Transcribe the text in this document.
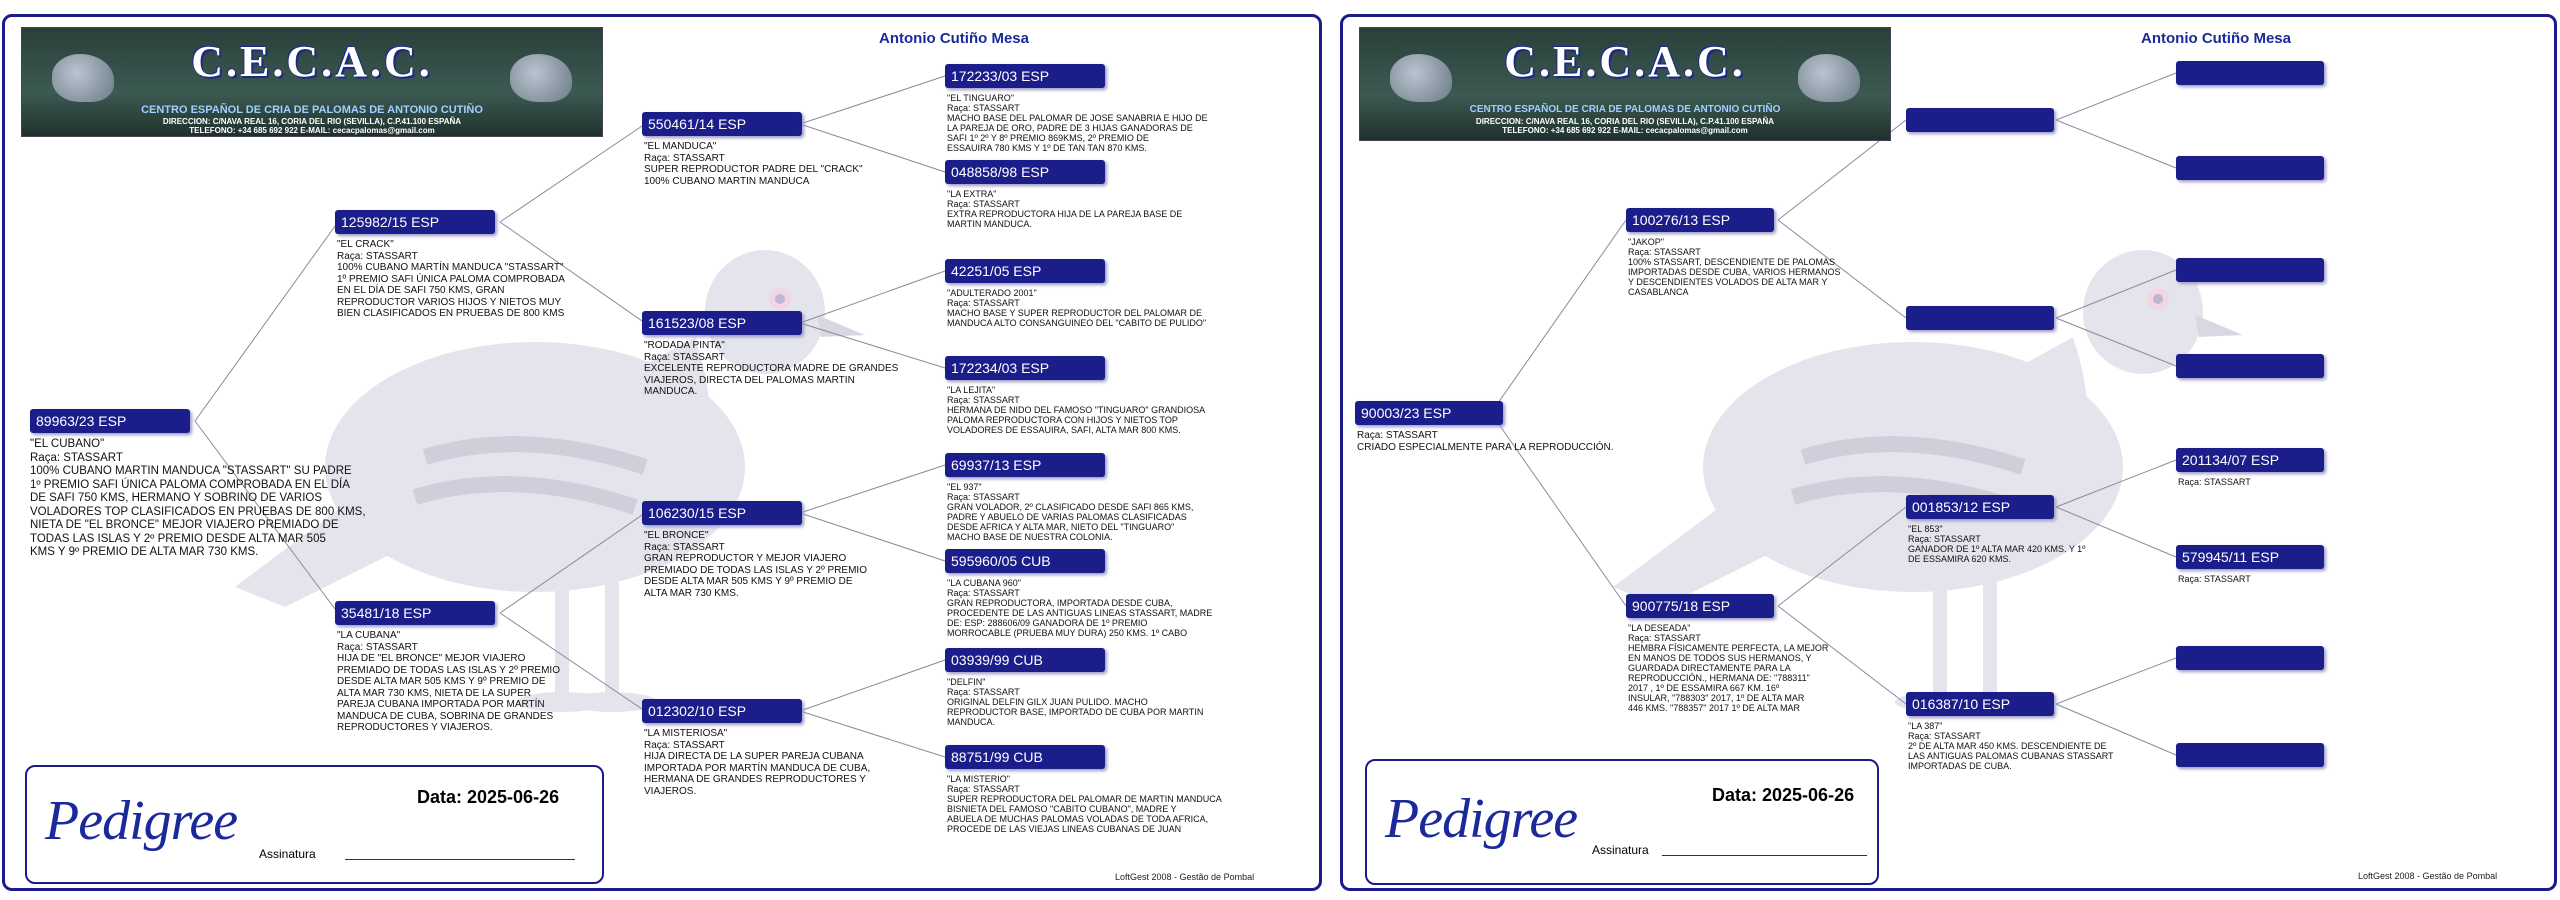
C.E.C.A.C.
CENTRO ESPAÑOL DE CRIA DE PALOMAS DE ANTONIO CUTIÑO
DIRECCION: C/NAVA REAL 16, CORIA DEL RIO (SEVILLA), C.P.41.100 ESPAÑA
TELEFONO: +34 685 692 922 E-MAIL: cecacpalomas@gmail.com
Antonio Cutiño Mesa
89963/23 ESP
"EL CUBANO"
Raça: STASSART
100% CUBANO MARTIN MANDUCA "STASSART" SU PADRE
1º PREMIO SAFI ÚNICA PALOMA COMPROBADA EN EL DÍA
DE SAFI 750 KMS, HERMANO Y SOBRINO DE VARIOS
VOLADORES TOP CLASIFICADOS EN PRUEBAS DE 800 KMS,
NIETA DE "EL BRONCE" MEJOR VIAJERO PREMIADO DE
TODAS LAS ISLAS Y 2º PREMIO DESDE ALTA MAR 505
KMS Y 9º PREMIO DE ALTA MAR 730 KMS.
125982/15 ESP
"EL CRACK"
Raça: STASSART
100% CUBANO MARTÍN MANDUCA "STASSART"
1º PREMIO SAFI ÚNICA PALOMA COMPROBADA
EN EL DÍA DE SAFI 750 KMS, GRAN
REPRODUCTOR VARIOS HIJOS Y NIETOS MUY
BIEN CLASIFICADOS EN PRUEBAS DE 800 KMS
35481/18 ESP
"LA CUBANA"
Raça: STASSART
HIJA DE "EL BRONCE" MEJOR VIAJERO
PREMIADO DE TODAS LAS ISLAS Y 2º PREMIO
DESDE ALTA MAR 505 KMS Y 9º PREMIO DE
ALTA MAR 730 KMS, NIETA DE LA SUPER
PAREJA CUBANA IMPORTADA POR MARTÍN
MANDUCA DE CUBA, SOBRINA DE GRANDES
REPRODUCTORES Y VIAJEROS.
550461/14 ESP
"EL MANDUCA"
Raça: STASSART
SUPER REPRODUCTOR PADRE DEL "CRACK"
100% CUBANO MARTIN MANDUCA
161523/08 ESP
"RODADA PINTA"
Raça: STASSART
EXCELENTE REPRODUCTORA MADRE DE GRANDES
VIAJEROS, DIRECTA DEL PALOMAS MARTIN
MANDUCA.
106230/15 ESP
"EL BRONCE"
Raça: STASSART
GRAN REPRODUCTOR Y MEJOR VIAJERO
PREMIADO DE TODAS LAS ISLAS Y 2º PREMIO
DESDE ALTA MAR 505 KMS Y 9º PREMIO DE
ALTA MAR 730 KMS.
012302/10 ESP
"LA MISTERIOSA"
Raça: STASSART
HIJA DIRECTA DE LA SUPER PAREJA CUBANA
IMPORTADA POR MARTÍN MANDUCA DE CUBA,
HERMANA DE GRANDES REPRODUCTORES Y
VIAJEROS.
172233/03 ESP
"EL TINGUARO"
Raça: STASSART
MACHO BASE DEL PALOMAR DE JOSE SANABRIA E HIJO DE
LA PAREJA DE ORO, PADRE DE 3 HIJAS GANADORAS DE
SAFI 1º 2º Y 8º PREMIO 869KMS, 2º PREMIO DE
ESSAUIRA 780 KMS Y 1º DE TAN TAN 870 KMS.
048858/98 ESP
"LA EXTRA"
Raça: STASSART
EXTRA REPRODUCTORA HIJA DE LA PAREJA BASE DE
MARTIN MANDUCA.
42251/05 ESP
"ADULTERADO 2001"
Raça: STASSART
MACHO BASE Y SUPER REPRODUCTOR DEL PALOMAR DE
MANDUCA ALTO CONSANGUINEO DEL "CABITO DE PULIDO"
172234/03 ESP
"LA LEJITA"
Raça: STASSART
HERMANA DE NIDO DEL FAMOSO "TINGUARO" GRANDIOSA
PALOMA REPRODUCTORA CON HIJOS Y NIETOS TOP
VOLADORES DE ESSAUIRA, SAFI, ALTA MAR 800 KMS.
69937/13 ESP
"EL 937"
Raça: STASSART
GRAN VOLADOR, 2º CLASIFICADO DESDE SAFI 865 KMS,
PADRE Y ABUELO DE VARIAS PALOMAS CLASIFICADAS
DESDE AFRICA Y ALTA MAR, NIETO DEL "TINGUARO"
MACHO BASE DE NUESTRA COLONIA.
595960/05 CUB
"LA CUBANA 960"
Raça: STASSART
GRAN REPRODUCTORA, IMPORTADA DESDE CUBA,
PROCEDENTE DE LAS ANTIGUAS LINEAS STASSART, MADRE
DE: ESP: 288606/09 GANADORA DE 1º PREMIO
MORROCABLE (PRUEBA MUY DURA) 250 KMS. 1º CABO
03939/99 CUB
"DELFIN"
Raça: STASSART
ORIGINAL DELFIN GILX JUAN PULIDO. MACHO
REPRODUCTOR BASE, IMPORTADO DE CUBA POR MARTIN
MANDUCA.
88751/99 CUB
"LA MISTERIO"
Raça: STASSART
SUPER REPRODUCTORA DEL PALOMAR DE MARTIN MANDUCA
BISNIETA DEL FAMOSO "CABITO CUBANO", MADRE Y
ABUELA DE MUCHAS PALOMAS VOLADAS DE TODA AFRICA,
PROCEDE DE LAS VIEJAS LINEAS CUBANAS DE JUAN
Pedigree	Data: 2025-06-26
Assinatura
LoftGest 2008 - Gestão de Pombal
C.E.C.A.C.
CENTRO ESPAÑOL DE CRIA DE PALOMAS DE ANTONIO CUTIÑO
DIRECCION: C/NAVA REAL 16, CORIA DEL RIO (SEVILLA), C.P.41.100 ESPAÑA
TELEFONO: +34 685 692 922 E-MAIL: cecacpalomas@gmail.com
Antonio Cutiño Mesa
90003/23 ESP
Raça: STASSART
CRIADO ESPECIALMENTE PARA LA REPRODUCCIÓN.
100276/13 ESP
"JAKOP"
Raça: STASSART
100% STASSART, DESCENDIENTE DE PALOMAS
IMPORTADAS DESDE CUBA, VARIOS HERMANOS
Y DESCENDIENTES VOLADOS DE ALTA MAR Y
CASABLANCA
900775/18 ESP
"LA DESEADA"
Raça: STASSART
HEMBRA FÍSICAMENTE PERFECTA, LA MEJOR
EN MANOS DE TODOS SUS HERMANOS, Y
GUARDADA DIRECTAMENTE PARA LA
REPRODUCCIÓN., HERMANA DE: "788311"
2017 , 1º DE ESSAMIRA 667 KM. 16º
INSULAR, "788303" 2017, 1º DE ALTA MAR
446 KMS. "788357" 2017 1º DE ALTA MAR
001853/12 ESP
"EL 853"
Raça: STASSART
GANADOR DE 1º ALTA MAR 420 KMS. Y 1º
DE ESSAMIRA 620 KMS.
016387/10 ESP
"LA 387"
Raça: STASSART
2º DE ALTA MAR 450 KMS. DESCENDIENTE DE
LAS ANTIGUAS PALOMAS CUBANAS STASSART
IMPORTADAS DE CUBA.
201134/07 ESP
Raça: STASSART
579945/11 ESP
Raça: STASSART
Pedigree	Data: 2025-06-26
Assinatura
LoftGest 2008 - Gestão de Pombal
